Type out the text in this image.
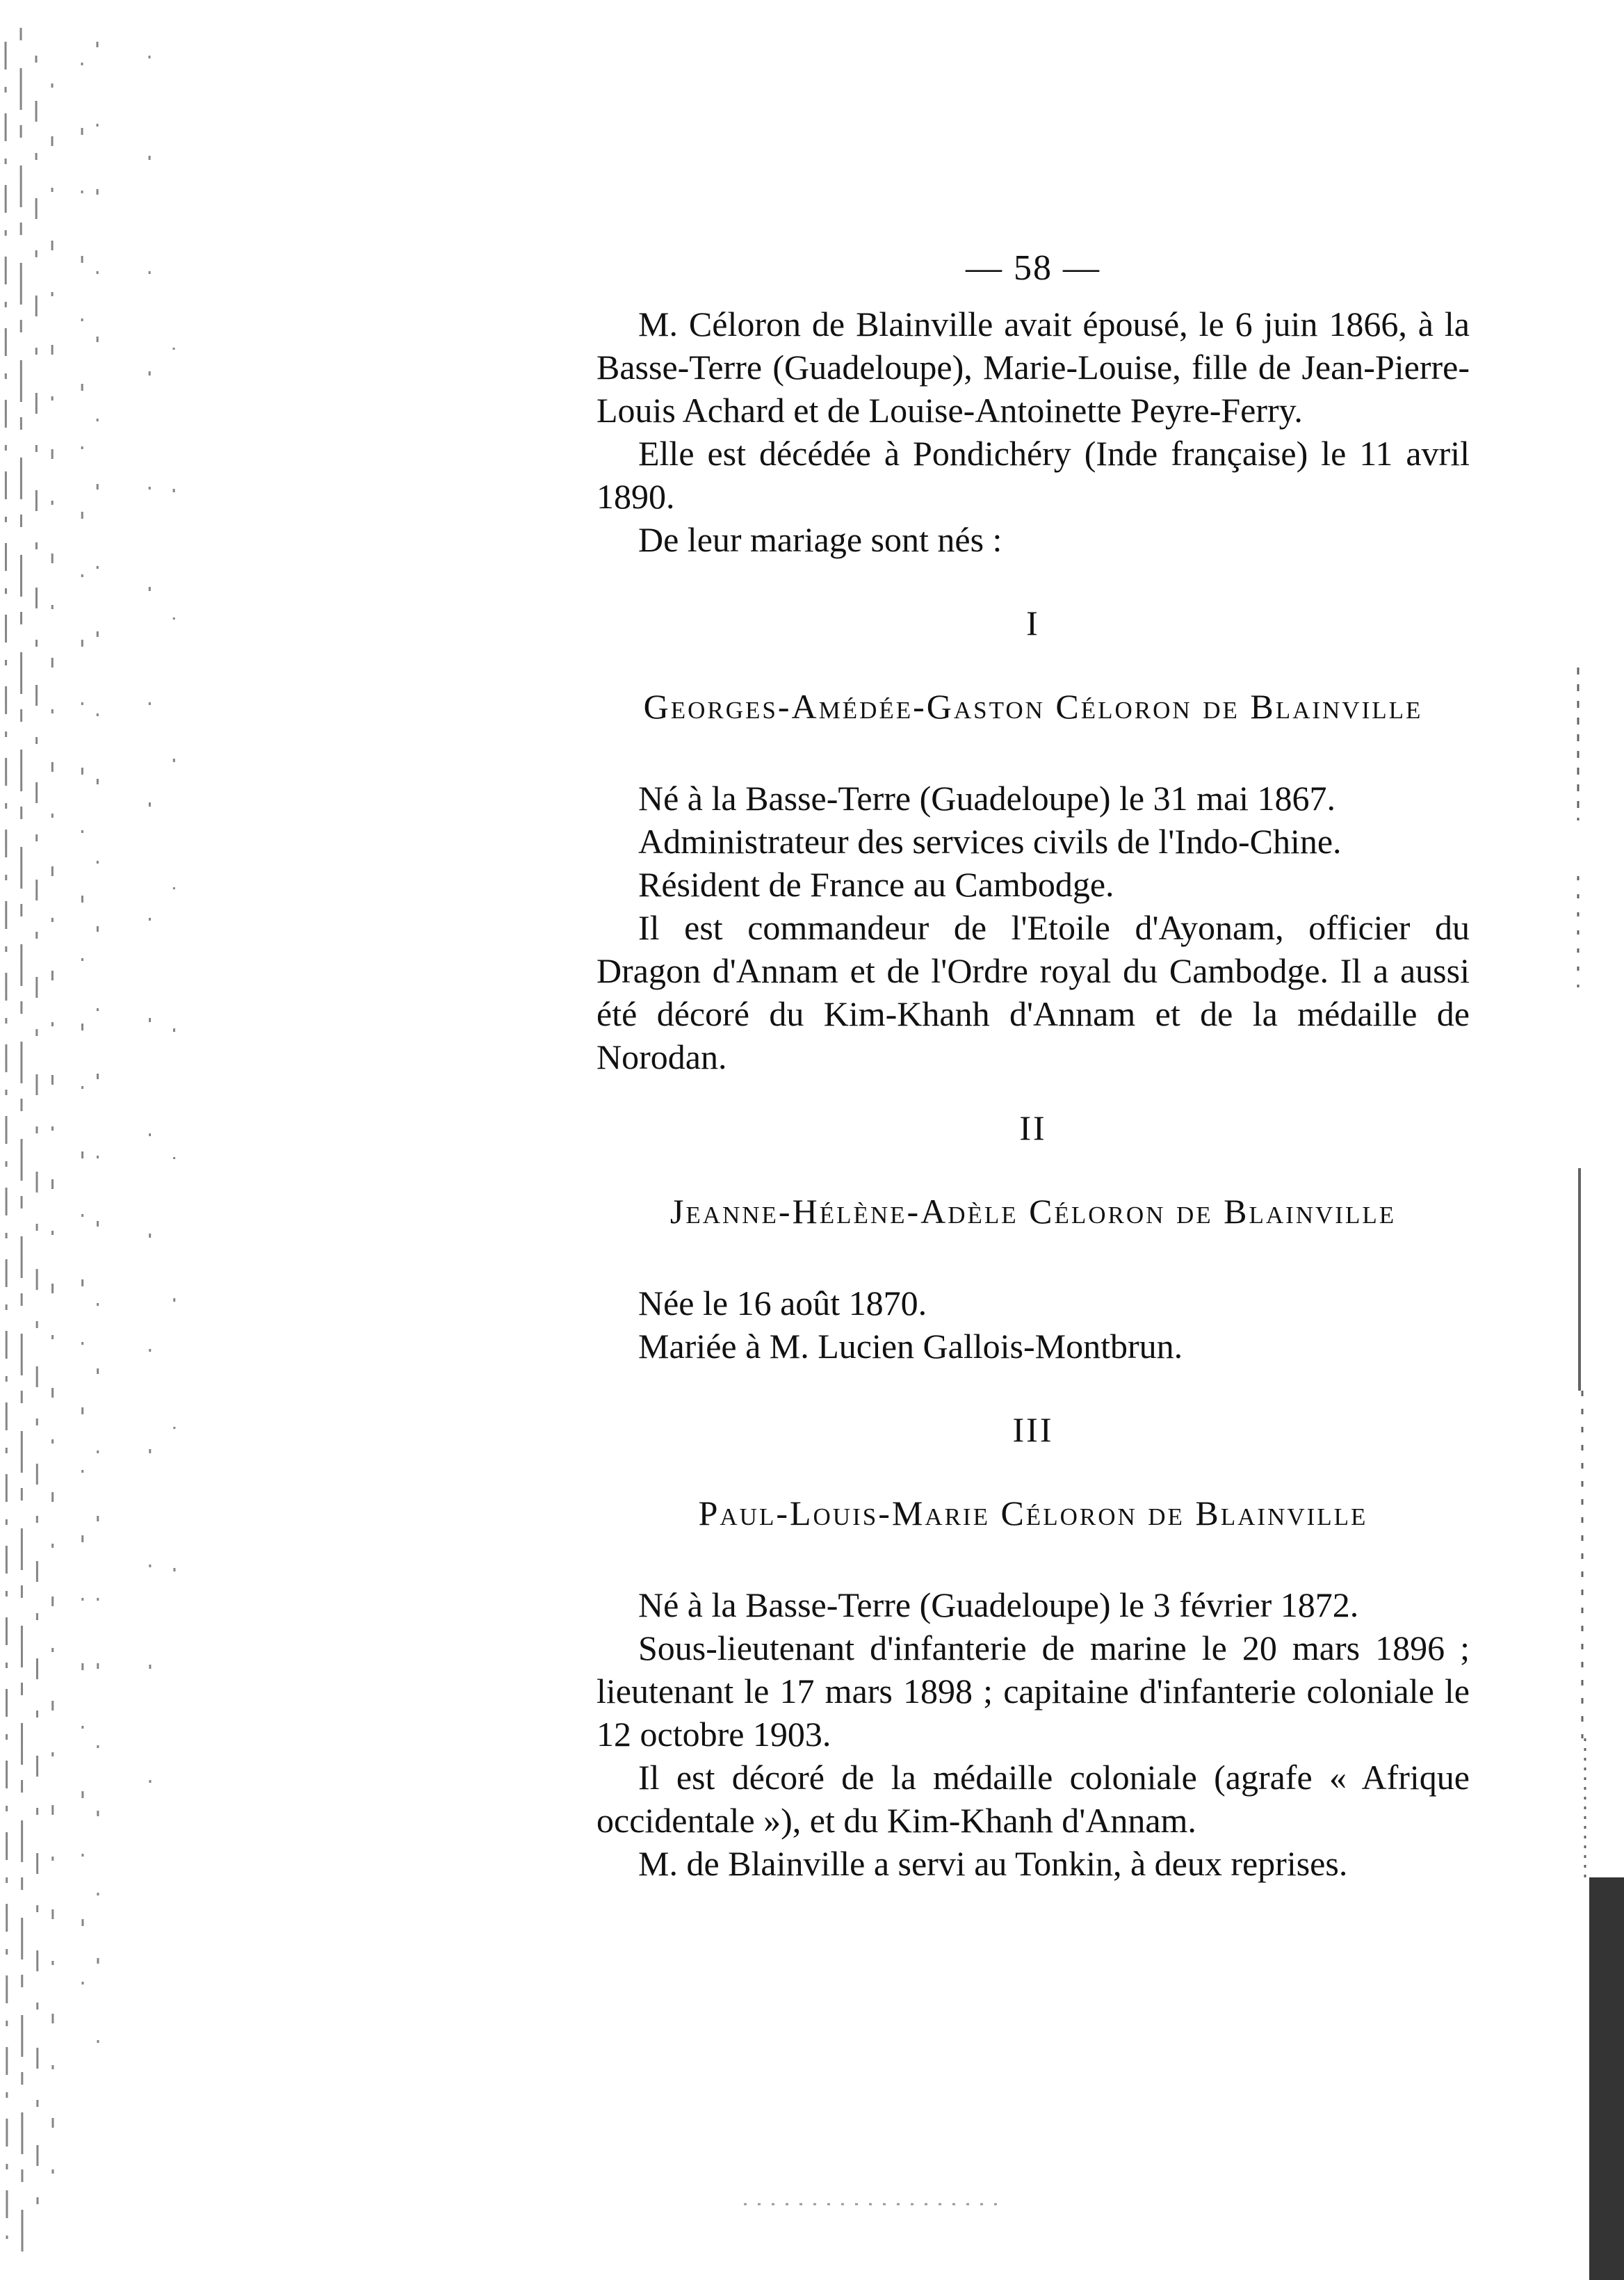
— 58 —

M. Céloron de Blainville avait épousé, le 6 juin 1866, à la Basse-Terre (Guadeloupe), Marie-Louise, fille de Jean-Pierre-Louis Achard et de Louise-Antoinette Peyre-Ferry.

Elle est décédée à Pondichéry (Inde française) le 11 avril 1890.

De leur mariage sont nés :

I

Georges-Amédée-Gaston Céloron de Blainville

Né à la Basse-Terre (Guadeloupe) le 31 mai 1867.

Administrateur des services civils de l'Indo-Chine.

Résident de France au Cambodge.

Il est commandeur de l'Etoile d'Ayonam, officier du Dragon d'Annam et de l'Ordre royal du Cambodge. Il a aussi été décoré du Kim-Khanh d'Annam et de la médaille de Norodan.

II

Jeanne-Hélène-Adèle Céloron de Blainville

Née le 16 août 1870.

Mariée à M. Lucien Gallois-Montbrun.

III

Paul-Louis-Marie Céloron de Blainville

Né à la Basse-Terre (Guadeloupe) le 3 février 1872.

Sous-lieutenant d'infanterie de marine le 20 mars 1896 ; lieutenant le 17 mars 1898 ; capitaine d'infanterie coloniale le 12 octobre 1903.

Il est décoré de la médaille coloniale (agrafe « Afrique occidentale »), et du Kim-Khanh d'Annam.

M. de Blainville a servi au Tonkin, à deux reprises.
